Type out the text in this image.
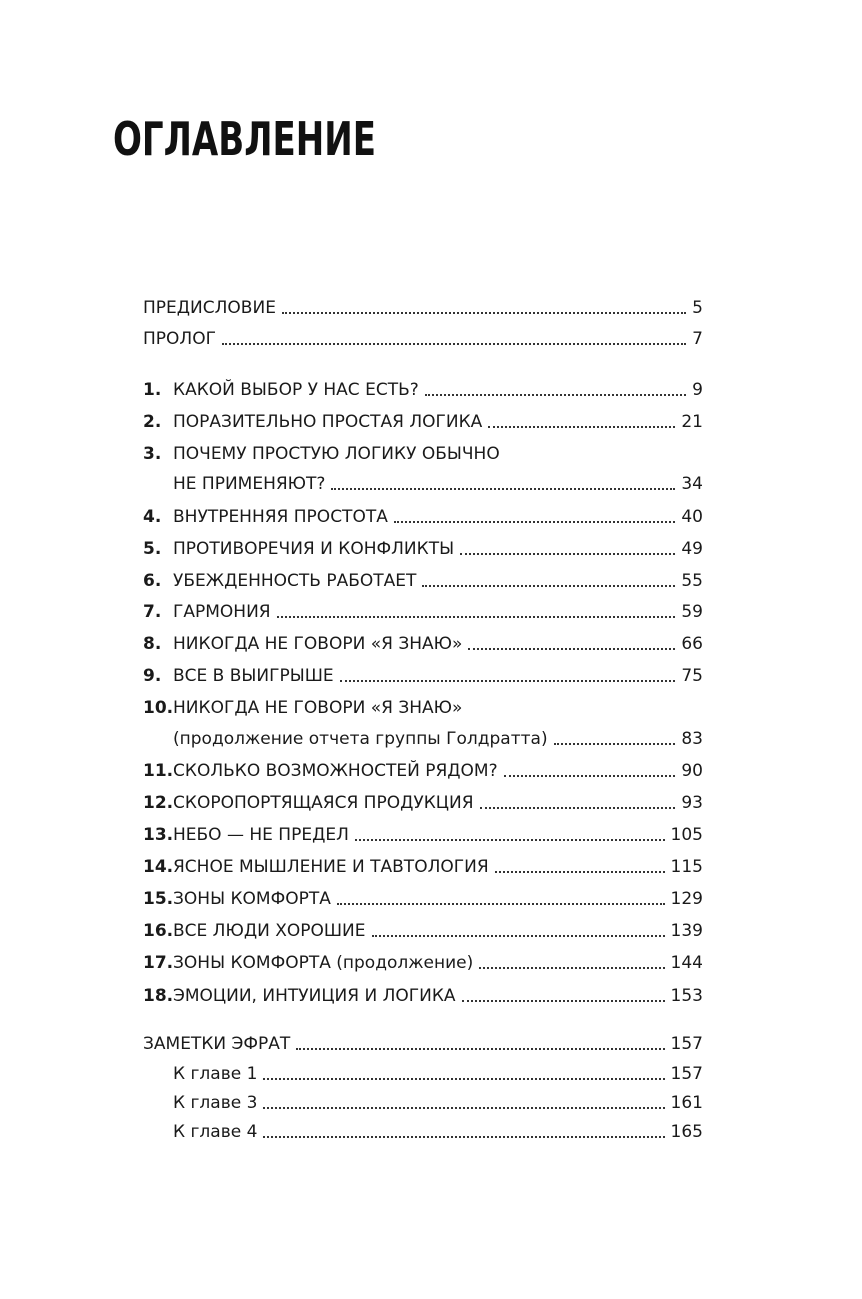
ОГЛАВЛЕНИЕ
ПРЕДИСЛОВИЕ	5
ПРОЛОГ	7
1. КАКОЙ ВЫБОР У НАС ЕСТЬ?	9
2. ПОРАЗИТЕЛЬНО ПРОСТАЯ ЛОГИКА	21
3. ПОЧЕМУ ПРОСТУЮ ЛОГИКУ ОБЫЧНО
НЕ ПРИМЕНЯЮТ?	34
4. ВНУТРЕННЯЯ ПРОСТОТА	40
5. ПРОТИВОРЕЧИЯ И КОНФЛИКТЫ	49
6. УБЕЖДЕННОСТЬ РАБОТАЕТ	55
7. ГАРМОНИЯ	59
8. НИКОГДА НЕ ГОВОРИ «Я ЗНАЮ»	66
9. ВСЕ В ВЫИГРЫШЕ	75
10. НИКОГДА НЕ ГОВОРИ «Я ЗНАЮ»
(продолжение отчета группы Голдратта)	83
11. СКОЛЬКО ВОЗМОЖНОСТЕЙ РЯДОМ?	90
12. СКОРОПОРТЯЩАЯСЯ ПРОДУКЦИЯ	93
13. НЕБО — НЕ ПРЕДЕЛ	105
14. ЯСНОЕ МЫШЛЕНИЕ И ТАВТОЛОГИЯ	115
15. ЗОНЫ КОМФОРТА	129
16. ВСЕ ЛЮДИ ХОРОШИЕ	139
17. ЗОНЫ КОМФОРТА (продолжение)	144
18. ЭМОЦИИ, ИНТУИЦИЯ И ЛОГИКА	153
ЗАМЕТКИ ЭФРАТ	157
К главе 1	157
К главе 3	161
К главе 4	165
